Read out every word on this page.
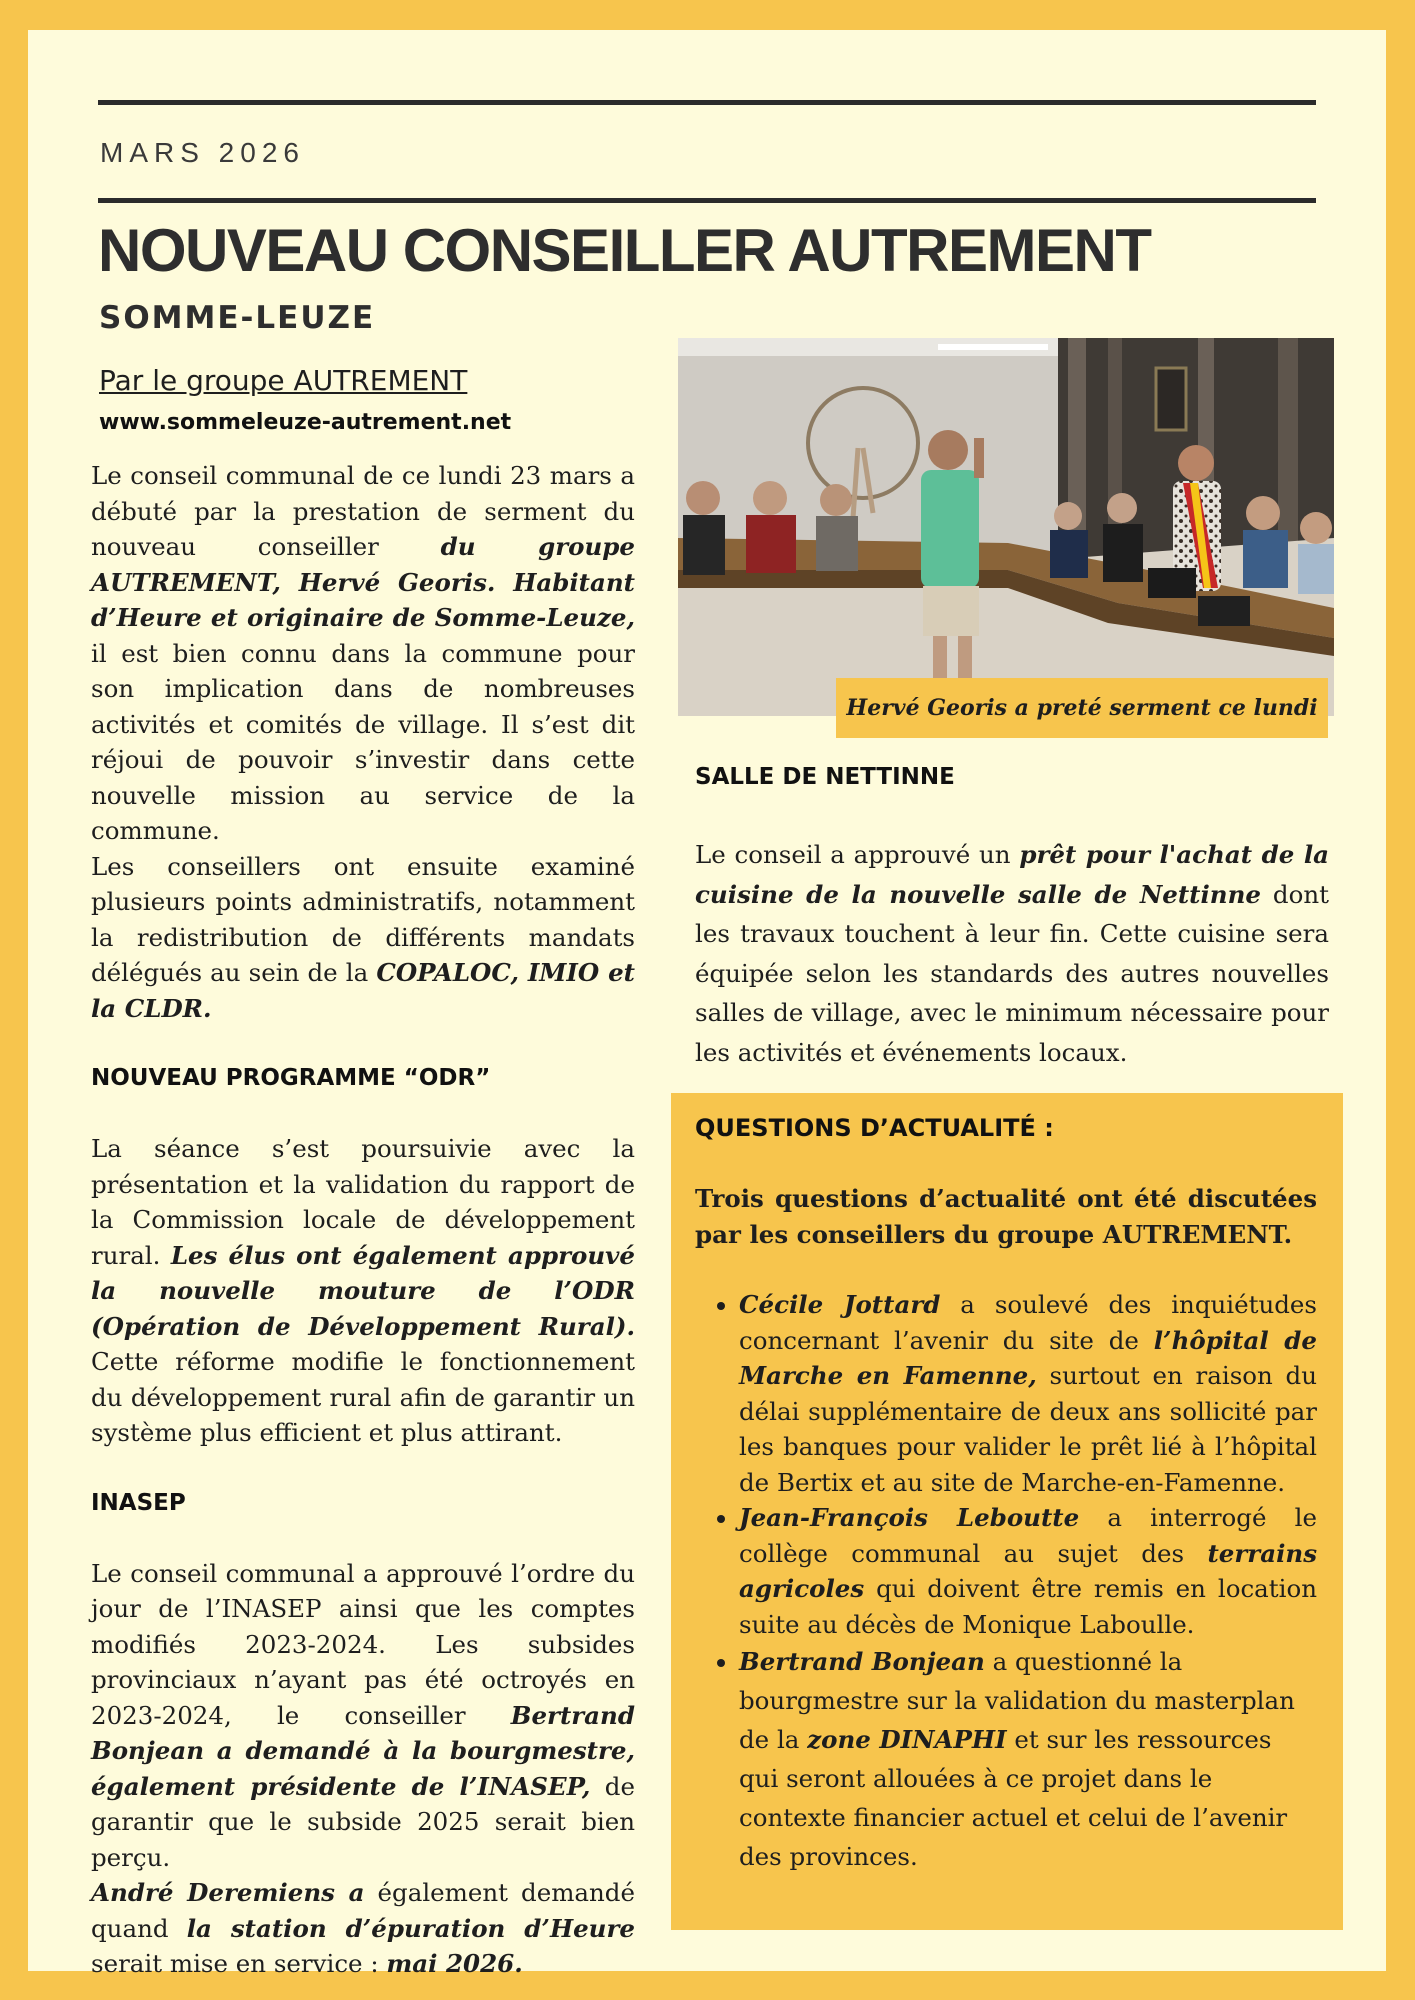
MARS 2026
NOUVEAU CONSEILLER AUTREMENT
SOMME-LEUZE
Par le groupe AUTREMENT
www.sommeleuze-autrement.net

Le conseil communal de ce lundi 23 mars a débuté par la prestation de serment du nouveau conseiller du groupe AUTREMENT, Hervé Georis. Habitant d’Heure et originaire de Somme-Leuze, il est bien connu dans la commune pour son implication dans de nombreuses activités et comités de village. Il s’est dit réjoui de pouvoir s’investir dans cette nouvelle mission au service de la commune.

Les conseillers ont ensuite examiné plusieurs points administratifs, notamment la redistribution de différents mandats délégués au sein de la COPALOC, IMIO et la CLDR.

NOUVEAU PROGRAMME “ODR”

La séance s’est poursuivie avec la présentation et la validation du rapport de la Commission locale de développement rural. Les élus ont également approuvé la nouvelle mouture de l’ODR (Opération de Développement Rural). Cette réforme modifie le fonctionnement du développement rural afin de garantir un système plus efficient et plus attirant.

INASEP

Le conseil communal a approuvé l’ordre du jour de l’INASEP ainsi que les comptes modifiés 2023-2024. Les subsides provinciaux n’ayant pas été octroyés en 2023-2024, le conseiller Bertrand Bonjean a demandé à la bourgmestre, également présidente de l’INASEP, de garantir que le subside 2025 serait bien perçu.

André Deremiens a également demandé quand la station d’épuration d’Heure serait mise en service : mai 2026.

Hervé Georis a preté serment ce lundi

SALLE DE NETTINNE

Le conseil a approuvé un prêt pour l'achat de la cuisine de la nouvelle salle de Nettinne dont les travaux touchent à leur fin. Cette cuisine sera équipée selon les standards des autres nouvelles salles de village, avec le minimum nécessaire pour les activités et événements locaux.

QUESTIONS D’ACTUALITÉ :

Trois questions d’actualité ont été discutées par les conseillers du groupe AUTREMENT.

• Cécile Jottard a soulevé des inquiétudes concernant l’avenir du site de l’hôpital de Marche en Famenne, surtout en raison du délai supplémentaire de deux ans sollicité par les banques pour valider le prêt lié à l’hôpital de Bertix et au site de Marche-en-Famenne.
• Jean-François Leboutte a interrogé le collège communal au sujet des terrains agricoles qui doivent être remis en location suite au décès de Monique Laboulle.
• Bertrand Bonjean a questionné la bourgmestre sur la validation du masterplan de la zone DINAPHI et sur les ressources qui seront allouées à ce projet dans le contexte financier actuel et celui de l’avenir des provinces.
